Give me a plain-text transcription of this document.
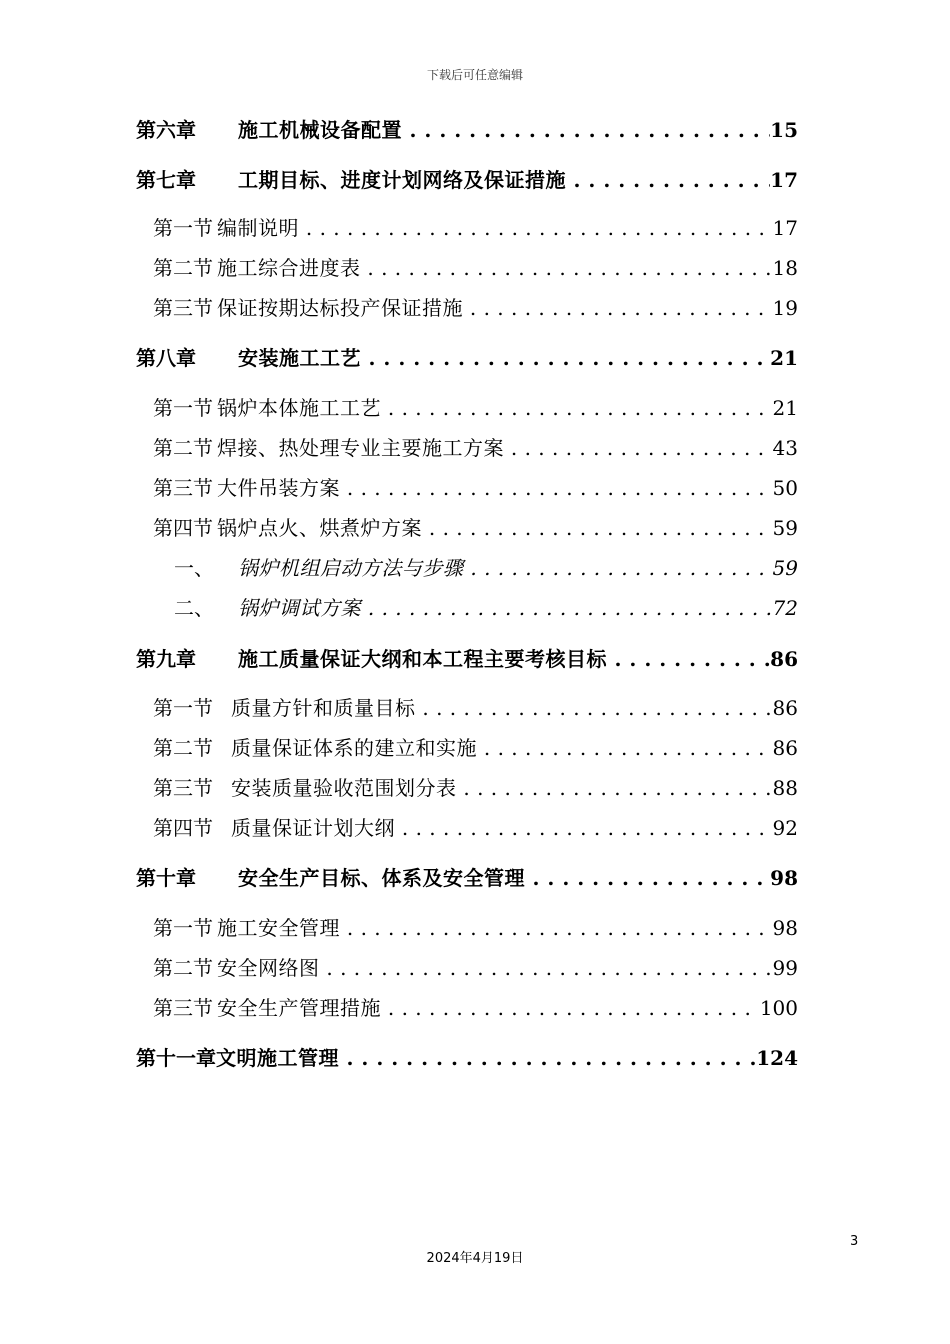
下载后可任意编辑
第六章	施工机械设备配置 . . .	15
第七章	工期目标、进度计划网络及保证措施 . . .	17
第一节 编制说明 . . .	17
第二节 施工综合进度表 . . .	18
第三节 保证按期达标投产保证措施 . . .	19
第八章	安装施工工艺 . . .	21
第一节 锅炉本体施工工艺 . . .	21
第二节 焊接、热处理专业主要施工方案 . . .	43
第三节 大件吊装方案 . . .	50
第四节 锅炉点火、烘煮炉方案 . . .	59
一、	锅炉机组启动方法与步骤 . . .	59
二、	锅炉调试方案 . . .	72
第九章	施工质量保证大纲和本工程主要考核目标 . . .	86
第一节 质量方针和质量目标 . . .	86
第二节 质量保证体系的建立和实施 . . .	86
第三节 安装质量验收范围划分表 . . .	88
第四节 质量保证计划大纲 . . .	92
第十章	安全生产目标、体系及安全管理 . . .	98
第一节 施工安全管理 . . .	98
第二节 安全网络图 . . .	99
第三节 安全生产管理措施 . . .	100
第十一章 文明施工管理 . . .	124
3
2024年4月19日
